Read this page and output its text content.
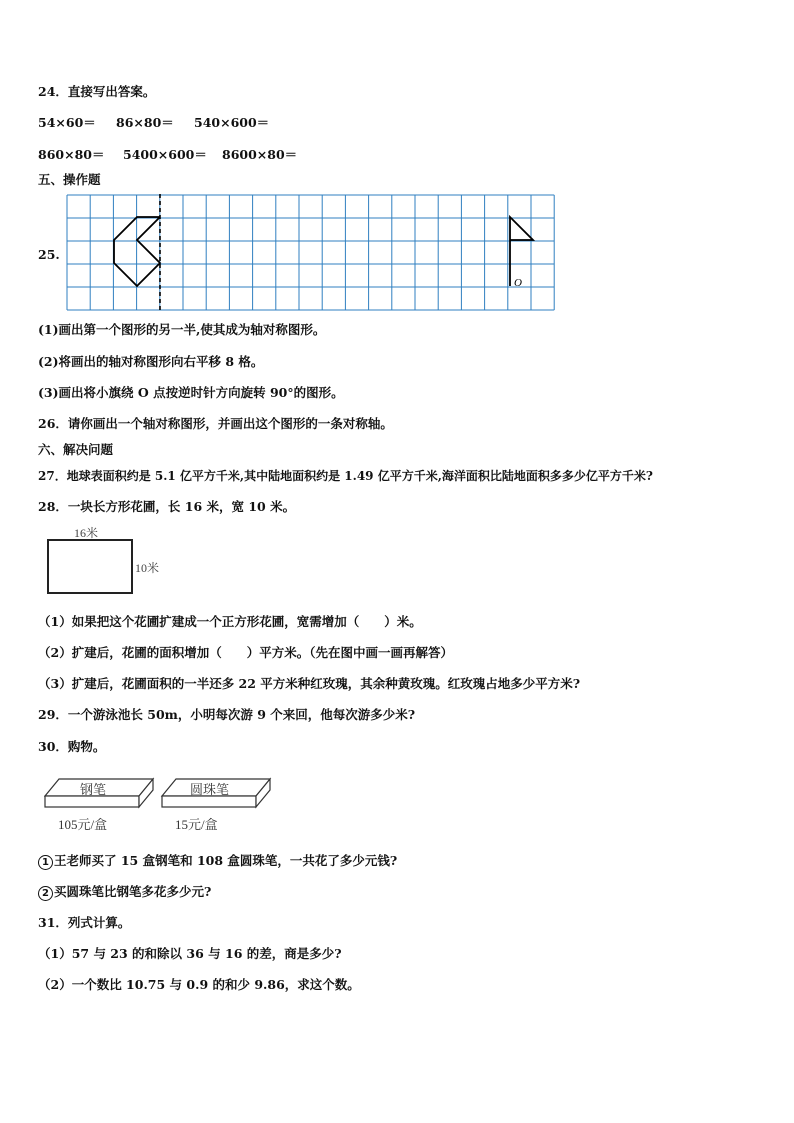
24．直接写出答案。
54×60＝ 86×80＝ 540×600＝
860×80＝ 5400×600＝ 8600×80＝
五、操作题
25.
O
(1)画出第一个图形的另一半,使其成为轴对称图形。
(2)将画出的轴对称图形向右平移 8 格。
(3)画出将小旗绕 O 点按逆时针方向旋转 90°的图形。
26．请你画出一个轴对称图形，并画出这个图形的一条对称轴。
六、解决问题
27．地球表面积约是 5.1 亿平方千米,其中陆地面积约是 1.49 亿平方千米,海洋面积比陆地面积多多少亿平方千米?
28．一块长方形花圃，长 16 米，宽 10 米。
16米
10米
（1）如果把这个花圃扩建成一个正方形花圃，宽需增加（　　）米。
（2）扩建后，花圃的面积增加（　　）平方米。（先在图中画一画再解答）
（3）扩建后，花圃面积的一半还多 22 平方米种红玫瑰，其余种黄玫瑰。红玫瑰占地多少平方米?
29．一个游泳池长 50m，小明每次游 9 个来回，他每次游多少米?
30．购物。
钢笔
105元/盒
圆珠笔
15元/盒
1 王老师买了 15 盒钢笔和 108 盒圆珠笔，一共花了多少元钱?
2 买圆珠笔比钢笔多花多少元?
31．列式计算。
（1）57 与 23 的和除以 36 与 16 的差，商是多少?
（2）一个数比 10.75 与 0.9 的和少 9.86，求这个数。
